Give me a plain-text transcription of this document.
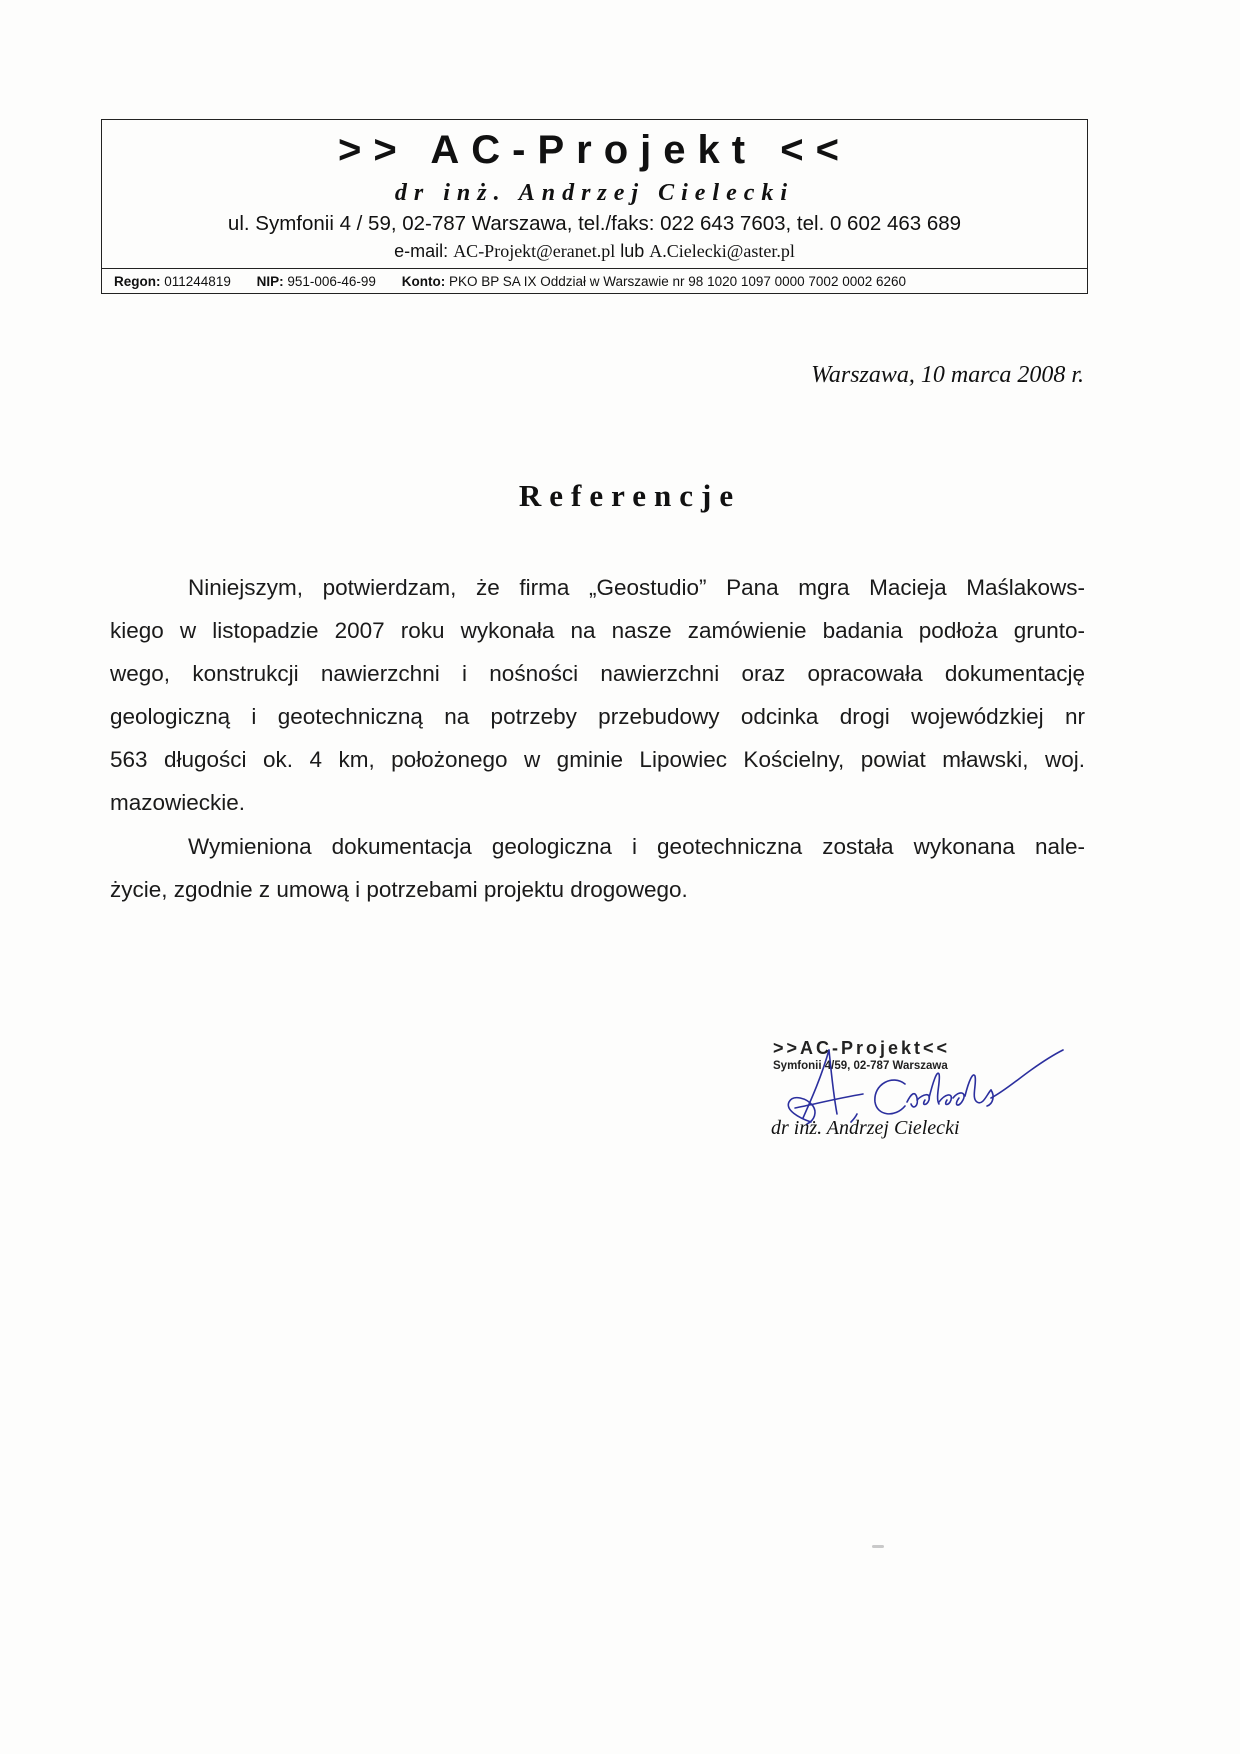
>> AC-Projekt <<
dr inż. Andrzej Cielecki
ul. Symfonii 4 / 59, 02-787 Warszawa, tel./faks: 022 643 7603, tel. 0 602 463 689
e-mail: AC-Projekt@eranet.pl lub A.Cielecki@aster.pl
Regon: 011244819 NIP: 951-006-46-99 Konto: PKO BP SA IX Oddział w Warszawie nr 98 1020 1097 0000 7002 0002 6260
Warszawa, 10 marca 2008 r.
Referencje
Niniejszym, potwierdzam, że firma „Geostudio” Pana mgra Macieja Maślakows-
kiego w listopadzie 2007 roku wykonała na nasze zamówienie badania podłoża grunto-
wego, konstrukcji nawierzchni i nośności nawierzchni oraz opracowała dokumentację
geologiczną i geotechniczną na potrzeby przebudowy odcinka drogi wojewódzkiej nr
563 długości ok. 4 km, położonego w gminie Lipowiec Kościelny, powiat mławski, woj.
mazowieckie.
Wymieniona dokumentacja geologiczna i geotechniczna została wykonana nale-
życie, zgodnie z umową i potrzebami projektu drogowego.
>>AC-Projekt<<
Symfonii 4/59, 02-787 Warszawa
dr inż. Andrzej Cielecki
